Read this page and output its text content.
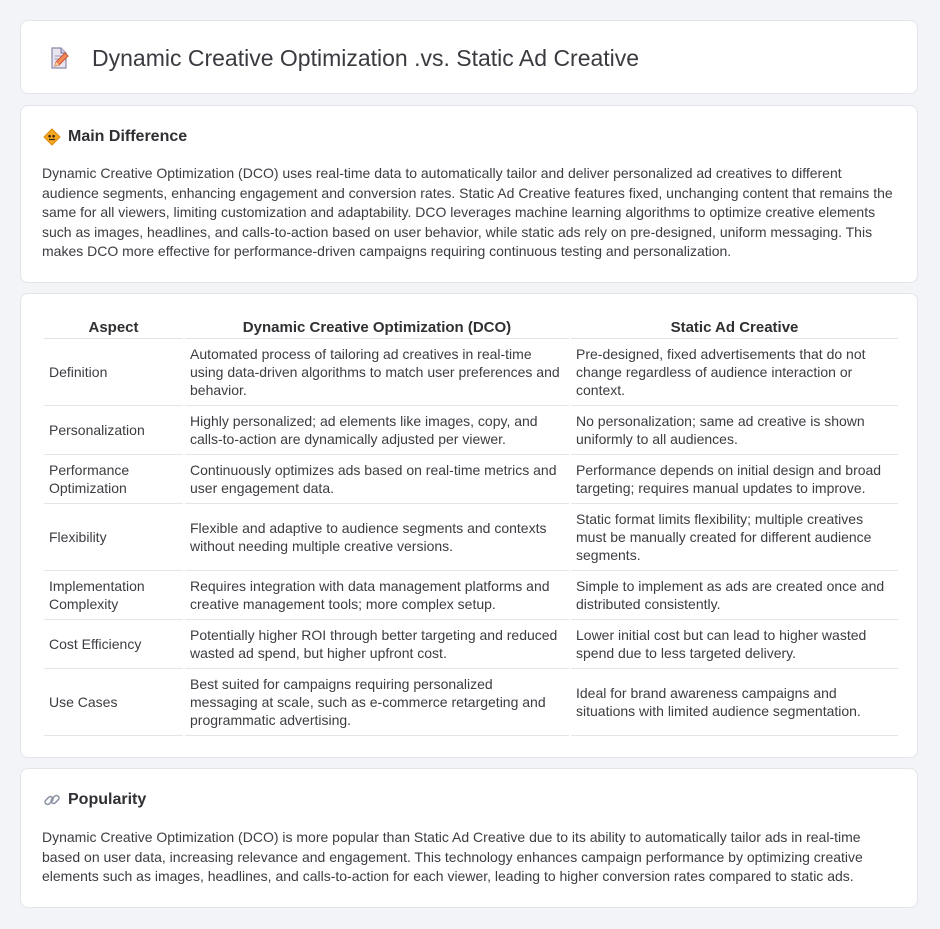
Dynamic Creative Optimization .vs. Static Ad Creative
Main Difference

Dynamic Creative Optimization (DCO) uses real-time data to automatically tailor and deliver personalized ad creatives to different audience segments, enhancing engagement and conversion rates. Static Ad Creative features fixed, unchanging content that remains the same for all viewers, limiting customization and adaptability. DCO leverages machine learning algorithms to optimize creative elements such as images, headlines, and calls-to-action based on user behavior, while static ads rely on pre-designed, uniform messaging. This makes DCO more effective for performance-driven campaigns requiring continuous testing and personalization.

Aspect	Dynamic Creative Optimization (DCO)	Static Ad Creative
Definition	Automated process of tailoring ad creatives in real-time using data-driven algorithms to match user preferences and behavior.	Pre-designed, fixed advertisements that do not change regardless of audience interaction or context.
Personalization	Highly personalized; ad elements like images, copy, and calls-to-action are dynamically adjusted per viewer.	No personalization; same ad creative is shown uniformly to all audiences.
Performance Optimization	Continuously optimizes ads based on real-time metrics and user engagement data.	Performance depends on initial design and broad targeting; requires manual updates to improve.
Flexibility	Flexible and adaptive to audience segments and contexts without needing multiple creative versions.	Static format limits flexibility; multiple creatives must be manually created for different audience segments.
Implementation Complexity	Requires integration with data management platforms and creative management tools; more complex setup.	Simple to implement as ads are created once and distributed consistently.
Cost Efficiency	Potentially higher ROI through better targeting and reduced wasted ad spend, but higher upfront cost.	Lower initial cost but can lead to higher wasted spend due to less targeted delivery.
Use Cases	Best suited for campaigns requiring personalized messaging at scale, such as e-commerce retargeting and programmatic advertising.	Ideal for brand awareness campaigns and situations with limited audience segmentation.
Popularity

Dynamic Creative Optimization (DCO) is more popular than Static Ad Creative due to its ability to automatically tailor ads in real-time based on user data, increasing relevance and engagement. This technology enhances campaign performance by optimizing creative elements such as images, headlines, and calls-to-action for each viewer, leading to higher conversion rates compared to static ads.
